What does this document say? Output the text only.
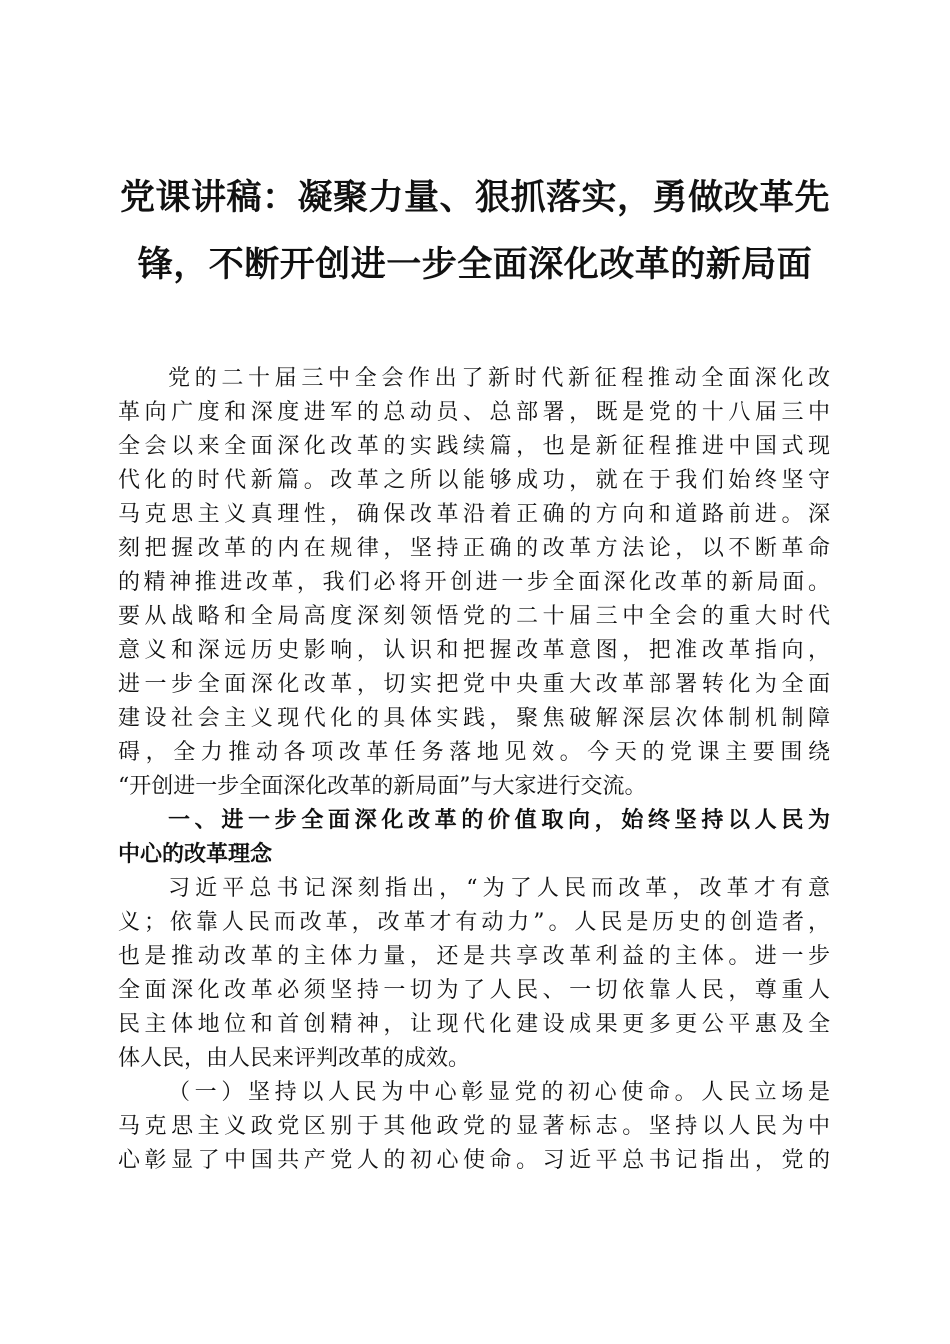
党课讲稿：凝聚力量、狠抓落实，勇做改革先
锋，不断开创进一步全面深化改革的新局面
党的二十届三中全会作出了新时代新征程推动全面深化改
革向广度和深度进军的总动员、总部署，既是党的十八届三中
全会以来全面深化改革的实践续篇，也是新征程推进中国式现
代化的时代新篇。改革之所以能够成功，就在于我们始终坚守
马克思主义真理性，确保改革沿着正确的方向和道路前进。深
刻把握改革的内在规律，坚持正确的改革方法论，以不断革命
的精神推进改革，我们必将开创进一步全面深化改革的新局面。
要从战略和全局高度深刻领悟党的二十届三中全会的重大时代
意义和深远历史影响，认识和把握改革意图，把准改革指向，
进一步全面深化改革，切实把党中央重大改革部署转化为全面
建设社会主义现代化的具体实践，聚焦破解深层次体制机制障
碍，全力推动各项改革任务落地见效。今天的党课主要围绕
“开创进一步全面深化改革的新局面”与大家进行交流。
一、进一步全面深化改革的价值取向，始终坚持以人民为
中心的改革理念
习近平总书记深刻指出，“为了人民而改革，改革才有意
义；依靠人民而改革，改革才有动力”。人民是历史的创造者，
也是推动改革的主体力量，还是共享改革利益的主体。进一步
全面深化改革必须坚持一切为了人民、一切依靠人民，尊重人
民主体地位和首创精神，让现代化建设成果更多更公平惠及全
体人民，由人民来评判改革的成效。
（一）坚持以人民为中心彰显党的初心使命。人民立场是
马克思主义政党区别于其他政党的显著标志。坚持以人民为中
心彰显了中国共产党人的初心使命。习近平总书记指出，党的
